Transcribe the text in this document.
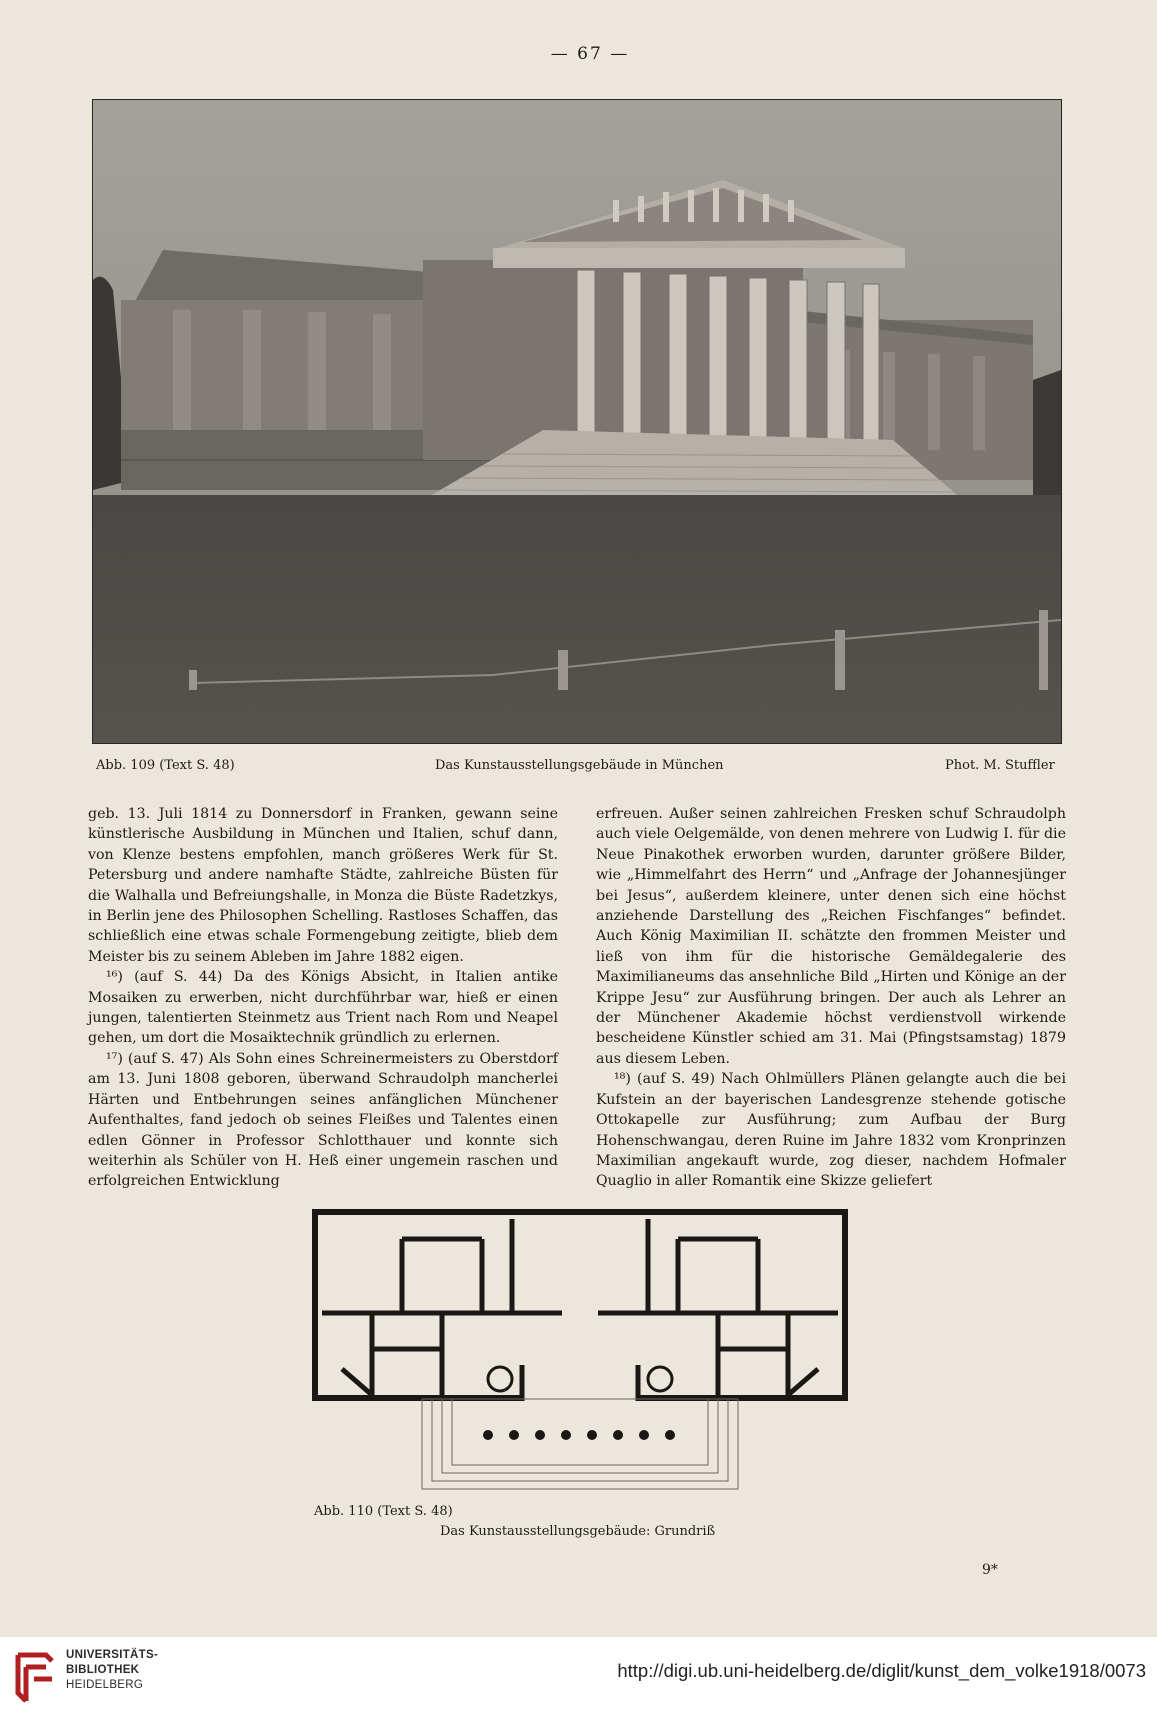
— 67 —
Abb. 109 (Text S. 48)	Das Kunstausstellungsgebäude in München	Phot. M. Stuffler

geb. 13. Juli 1814 zu Donnersdorf in Franken, gewann seine künstlerische Ausbildung in München und Italien, schuf dann, von Klenze bestens empfohlen, manch größeres Werk für St. Petersburg und andere namhafte Städte, zahlreiche Büsten für die Walhalla und Befreiungshalle, in Monza die Büste Radetzkys, in Berlin jene des Philosophen Schelling. Rastloses Schaffen, das schließlich eine etwas schale Formengebung zeitigte, blieb dem Meister bis zu seinem Ableben im Jahre 1882 eigen.

¹⁶) (auf S. 44) Da des Königs Absicht, in Italien antike Mosaiken zu erwerben, nicht durchführbar war, hieß er einen jungen, talentierten Steinmetz aus Trient nach Rom und Neapel gehen, um dort die Mosaiktechnik gründlich zu erlernen.

¹⁷) (auf S. 47) Als Sohn eines Schreinermeisters zu Oberstdorf am 13. Juni 1808 geboren, überwand Schraudolph mancherlei Härten und Entbehrungen seines anfänglichen Münchener Aufenthaltes, fand jedoch ob seines Fleißes und Talentes einen edlen Gönner in Professor Schlotthauer und konnte sich weiterhin als Schüler von H. Heß einer ungemein raschen und erfolgreichen Entwicklung

erfreuen. Außer seinen zahlreichen Fresken schuf Schraudolph auch viele Oelgemälde, von denen mehrere von Ludwig I. für die Neue Pinakothek erworben wurden, darunter größere Bilder, wie „Himmelfahrt des Herrn“ und „Anfrage der Johannesjünger bei Jesus“, außerdem kleinere, unter denen sich eine höchst anziehende Darstellung des „Reichen Fischfanges“ befindet. Auch König Maximilian II. schätzte den frommen Meister und ließ von ihm für die historische Gemäldegalerie des Maximilianeums das ansehnliche Bild „Hirten und Könige an der Krippe Jesu“ zur Ausführung bringen. Der auch als Lehrer an der Münchener Akademie höchst verdienstvoll wirkende bescheidene Künstler schied am 31. Mai (Pfingstsamstag) 1879 aus diesem Leben.

¹⁸) (auf S. 49) Nach Ohlmüllers Plänen gelangte auch die bei Kufstein an der bayerischen Landesgrenze stehende gotische Ottokapelle zur Ausführung; zum Aufbau der Burg Hohenschwangau, deren Ruine im Jahre 1832 vom Kronprinzen Maximilian angekauft wurde, zog dieser, nachdem Hofmaler Quaglio in aller Romantik eine Skizze geliefert

Abb. 110 (Text S. 48)
Das Kunstausstellungsgebäude: Grundriß
9*
UNIVERSITÄTS-
BIBLIOTHEK
HEIDELBERG
http://digi.ub.uni-heidelberg.de/diglit/kunst_dem_volke1918/0073
